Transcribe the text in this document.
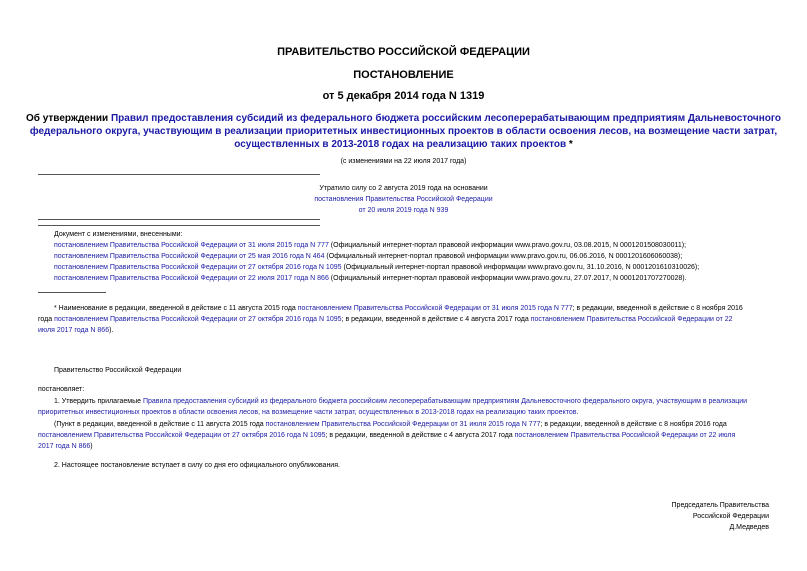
ПРАВИТЕЛЬСТВО РОССИЙСКОЙ ФЕДЕРАЦИИ
ПОСТАНОВЛЕНИЕ
от 5 декабря 2014 года N 1319
Об утверждении Правил предоставления субсидий из федерального бюджета российским лесоперерабатывающим предприятиям Дальневосточного
федерального округа, участвующим в реализации приоритетных инвестиционных проектов в области освоения лесов, на возмещение части затрат,
осуществленных в 2013-2018 годах на реализацию таких проектов *
(с изменениями на 22 июля 2017 года)
Утратило силу со 2 августа 2019 года на основании
постановления Правительства Российской Федерации
от 20 июля 2019 года N 939
Документ с изменениями, внесенными:
постановлением Правительства Российской Федерации от 31 июля 2015 года N 777 (Официальный интернет-портал правовой информации www.pravo.gov.ru, 03.08.2015, N 0001201508030011);
постановлением Правительства Российской Федерации от 25 мая 2016 года N 464 (Официальный интернет-портал правовой информации www.pravo.gov.ru, 06.06.2016, N 0001201606060038);
постановлением Правительства Российской Федерации от 27 октября 2016 года N 1095 (Официальный интернет-портал правовой информации www.pravo.gov.ru, 31.10.2016, N 0001201610310026);
постановлением Правительства Российской Федерации от 22 июля 2017 года N 866 (Официальный интернет-портал правовой информации www.pravo.gov.ru, 27.07.2017, N 0001201707270028).
* Наименование в редакции, введенной в действие с 11 августа 2015 года постановлением Правительства Российской Федерации от 31 июля 2015 года N 777; в редакции, введенной в действие с 8 ноября 2016
года постановлением Правительства Российской Федерации от 27 октября 2016 года N 1095; в редакции, введенной в действие с 4 августа 2017 года постановлением Правительства Российской Федерации от 22
июля 2017 года N 866).
Правительство Российской Федерации
постановляет:
1. Утвердить прилагаемые Правила предоставления субсидий из федерального бюджета российским лесоперерабатывающим предприятиям Дальневосточного федерального округа, участвующим в реализации
приоритетных инвестиционных проектов в области освоения лесов, на возмещение части затрат, осуществленных в 2013-2018 годах на реализацию таких проектов.
(Пункт в редакции, введенной в действие с 11 августа 2015 года постановлением Правительства Российской Федерации от 31 июля 2015 года N 777; в редакции, введенной в действие с 8 ноября 2016 года
постановлением Правительства Российской Федерации от 27 октября 2016 года N 1095; в редакции, введенной в действие с 4 августа 2017 года постановлением Правительства Российской Федерации от 22 июля
2017 года N 866)
2. Настоящее постановление вступает в силу со дня его официального опубликования.
Председатель Правительства
Российской Федерации
Д.Медведев
